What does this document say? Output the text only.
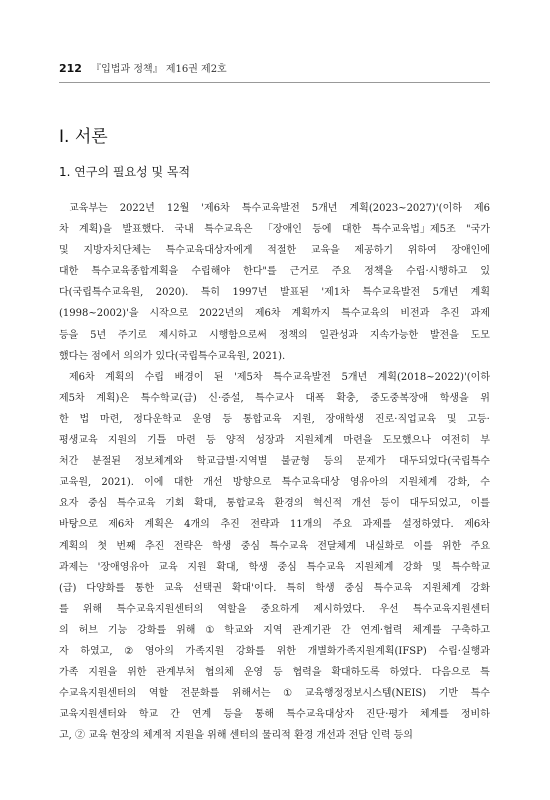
212 『입법과 정책』 제16권 제2호
Ⅰ. 서론
1. 연구의 필요성 및 목적
교육부는 2022년 12월 '제6차 특수교육발전 5개년 계획(2023~2027)'(이하 제6
차 계획)을 발표했다. 국내 특수교육은 「장애인 등에 대한 특수교육법」제5조 "국가
및 지방자치단체는 특수교육대상자에게 적절한 교육을 제공하기 위하여 장애인에
대한 특수교육종합계획을 수립해야 한다"를 근거로 주요 정책을 수립·시행하고 있
다(국립특수교육원, 2020). 특히 1997년 발표된 '제1차 특수교육발전 5개년 계획
(1998~2002)'을 시작으로 2022년의 제6차 계획까지 특수교육의 비전과 추진 과제
등을 5년 주기로 제시하고 시행함으로써 정책의 일관성과 지속가능한 발전을 도모
했다는 점에서 의의가 있다(국립특수교육원, 2021).
제6차 계획의 수립 배경이 된 '제5차 특수교육발전 5개년 계획(2018~2022)'(이하
제5차 계획)은 특수학교(급) 신·증설, 특수교사 대폭 확충, 중도중복장애 학생을 위
한 법 마련, 정다운학교 운영 등 통합교육 지원, 장애학생 진로·직업교육 및 고등·
평생교육 지원의 기틀 마련 등 양적 성장과 지원체계 마련을 도모했으나 여전히 부
처간 분절된 정보체계와 학교급별·지역별 불균형 등의 문제가 대두되었다(국립특수
교육원, 2021). 이에 대한 개선 방향으로 특수교육대상 영유아의 지원체계 강화, 수
요자 중심 특수교육 기회 확대, 통합교육 환경의 혁신적 개선 등이 대두되었고, 이를
바탕으로 제6차 계획은 4개의 추진 전략과 11개의 주요 과제를 설정하였다. 제6차
계획의 첫 번째 추진 전략은 학생 중심 특수교육 전달체계 내실화로 이를 위한 주요
과제는 '장애영유아 교육 지원 확대, 학생 중심 특수교육 지원체계 강화 및 특수학교
(급) 다양화를 통한 교육 선택권 확대'이다. 특히 학생 중심 특수교육 지원체계 강화
를 위해 특수교육지원센터의 역할을 중요하게 제시하였다. 우선 특수교육지원센터
의 허브 기능 강화를 위해 ① 학교와 지역 관계기관 간 연계·협력 체계를 구축하고
자 하였고, ② 영아의 가족지원 강화를 위한 개별화가족지원계획(IFSP) 수립·실행과
가족 지원을 위한 관계부처 협의체 운영 등 협력을 확대하도록 하였다. 다음으로 특
수교육지원센터의 역할 전문화를 위해서는 ① 교육행정정보시스템(NEIS) 기반 특수
교육지원센터와 학교 간 연계 등을 통해 특수교육대상자 진단·평가 체계를 정비하
고, ② 교육 현장의 체계적 지원을 위해 센터의 물리적 환경 개선과 전담 인력 등의
